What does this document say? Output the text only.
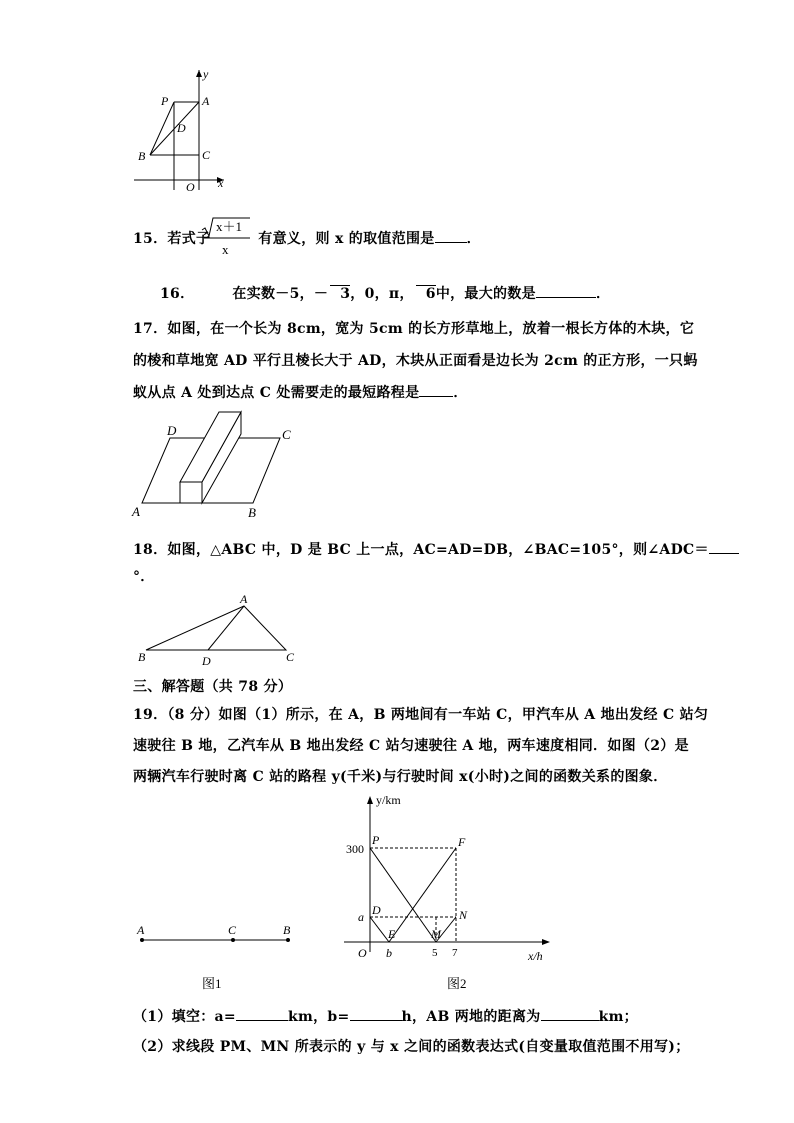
P	A
D
B	C
O x
y
15．若式子	有意义，则 x 的取值范围是 ．
x＋1
x
16．	在实数－5，－ 3，0，π， 6中，最大的数是	．
17．如图，在一个长为 8cm，宽为 5cm 的长方形草地上，放着一根长方体的木块，它
的棱和草地宽 AD 平行且棱长大于 AD，木块从正面看是边长为 2cm 的正方形，一只蚂
蚁从点 A 处到达点 C 处需要走的最短路程是 ．
D	C
A	B
18．如图，△ABC 中，D 是 BC 上一点，AC=AD=DB，∠BAC=105°，则∠ADC＝
°．
A
B	D	C
三、解答题（共 78 分）
19．（8 分）如图（1）所示，在 A，B 两地间有一车站 C，甲汽车从 A 地出发经 C 站匀
速驶往 B 地，乙汽车从 B 地出发经 C 站匀速驶往 A 地，两车速度相同．如图（2）是
两辆汽车行驶时离 C 站的路程 y(千米)与行驶时间 x(小时)之间的函数关系的图象．
A	C	B
图1
y/km
x/h
300
a
P	F
D	N
E	M
O b	5 7
图2
（1）填空：a=	km，b=	h，AB 两地的距离为	km；
（2）求线段 PM、MN 所表示的 y 与 x 之间的函数表达式(自变量取值范围不用写)；
